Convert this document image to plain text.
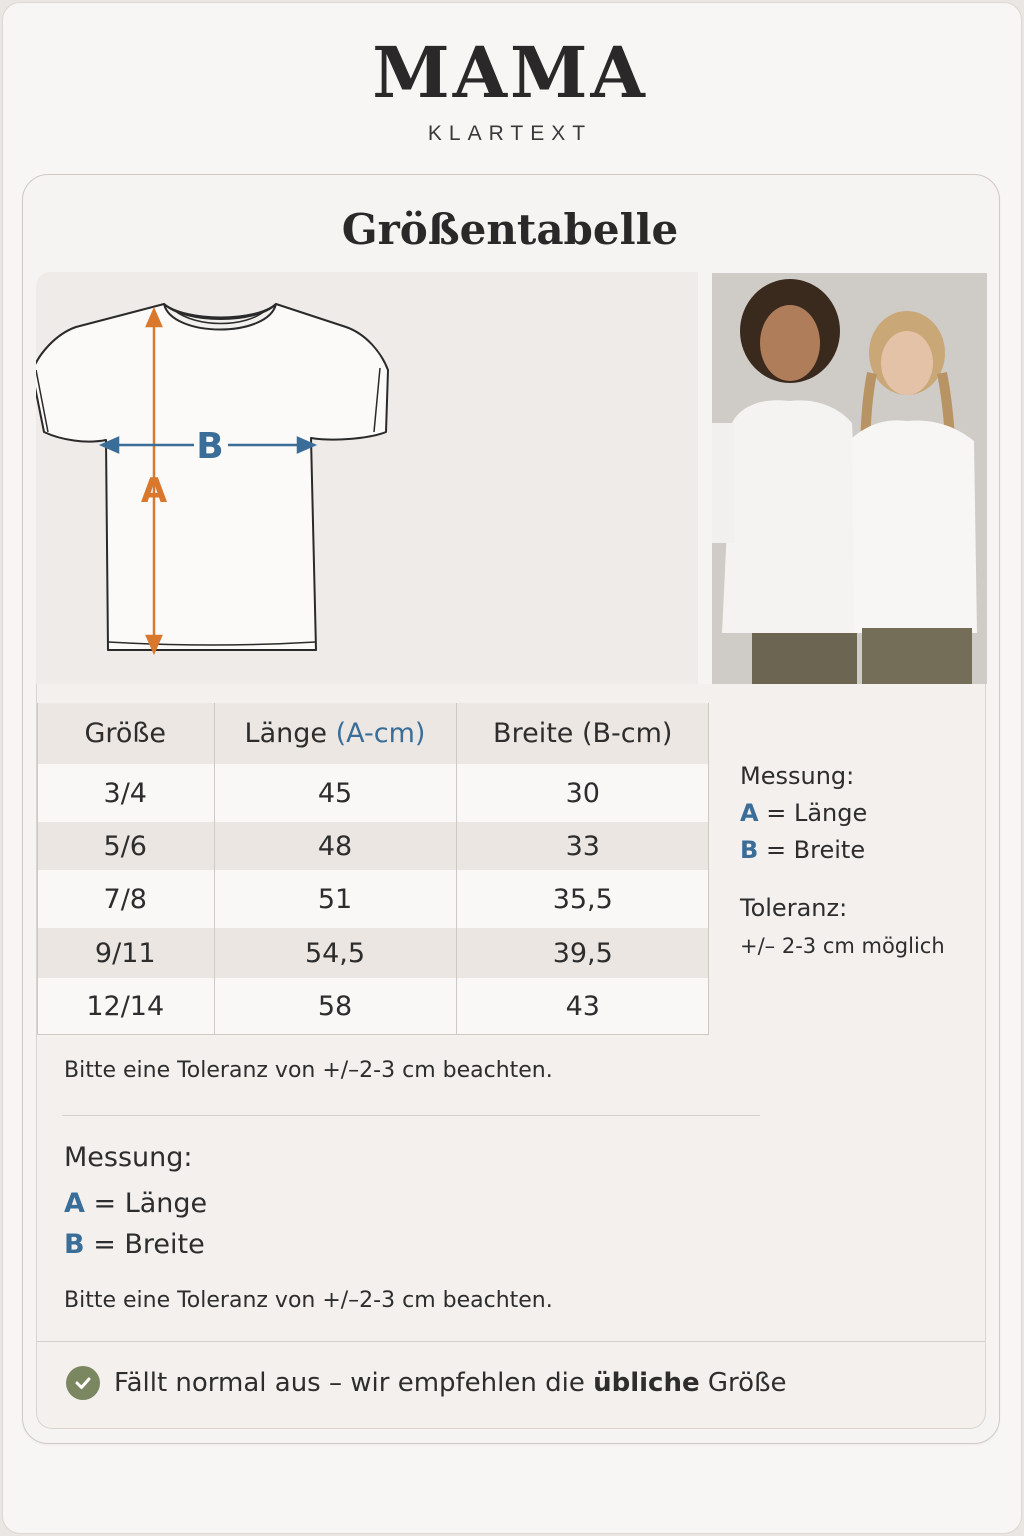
MAMA
KLARTEXT
Größentabelle
B
A
Größe	Länge (A-cm)	Breite (B-cm)
3/4	45	30
5/6	48	33
7/8	51	35,5
9/11	54,5	39,5
12/14	58	43
Messung:
A = Länge
B = Breite
Toleranz:
+/– 2-3 cm möglich
Bitte eine Toleranz von +/–2-3 cm beachten.
Messung:
A = Länge
B = Breite
Bitte eine Toleranz von +/–2-3 cm beachten.
Fällt normal aus – wir empfehlen die übliche Größe
